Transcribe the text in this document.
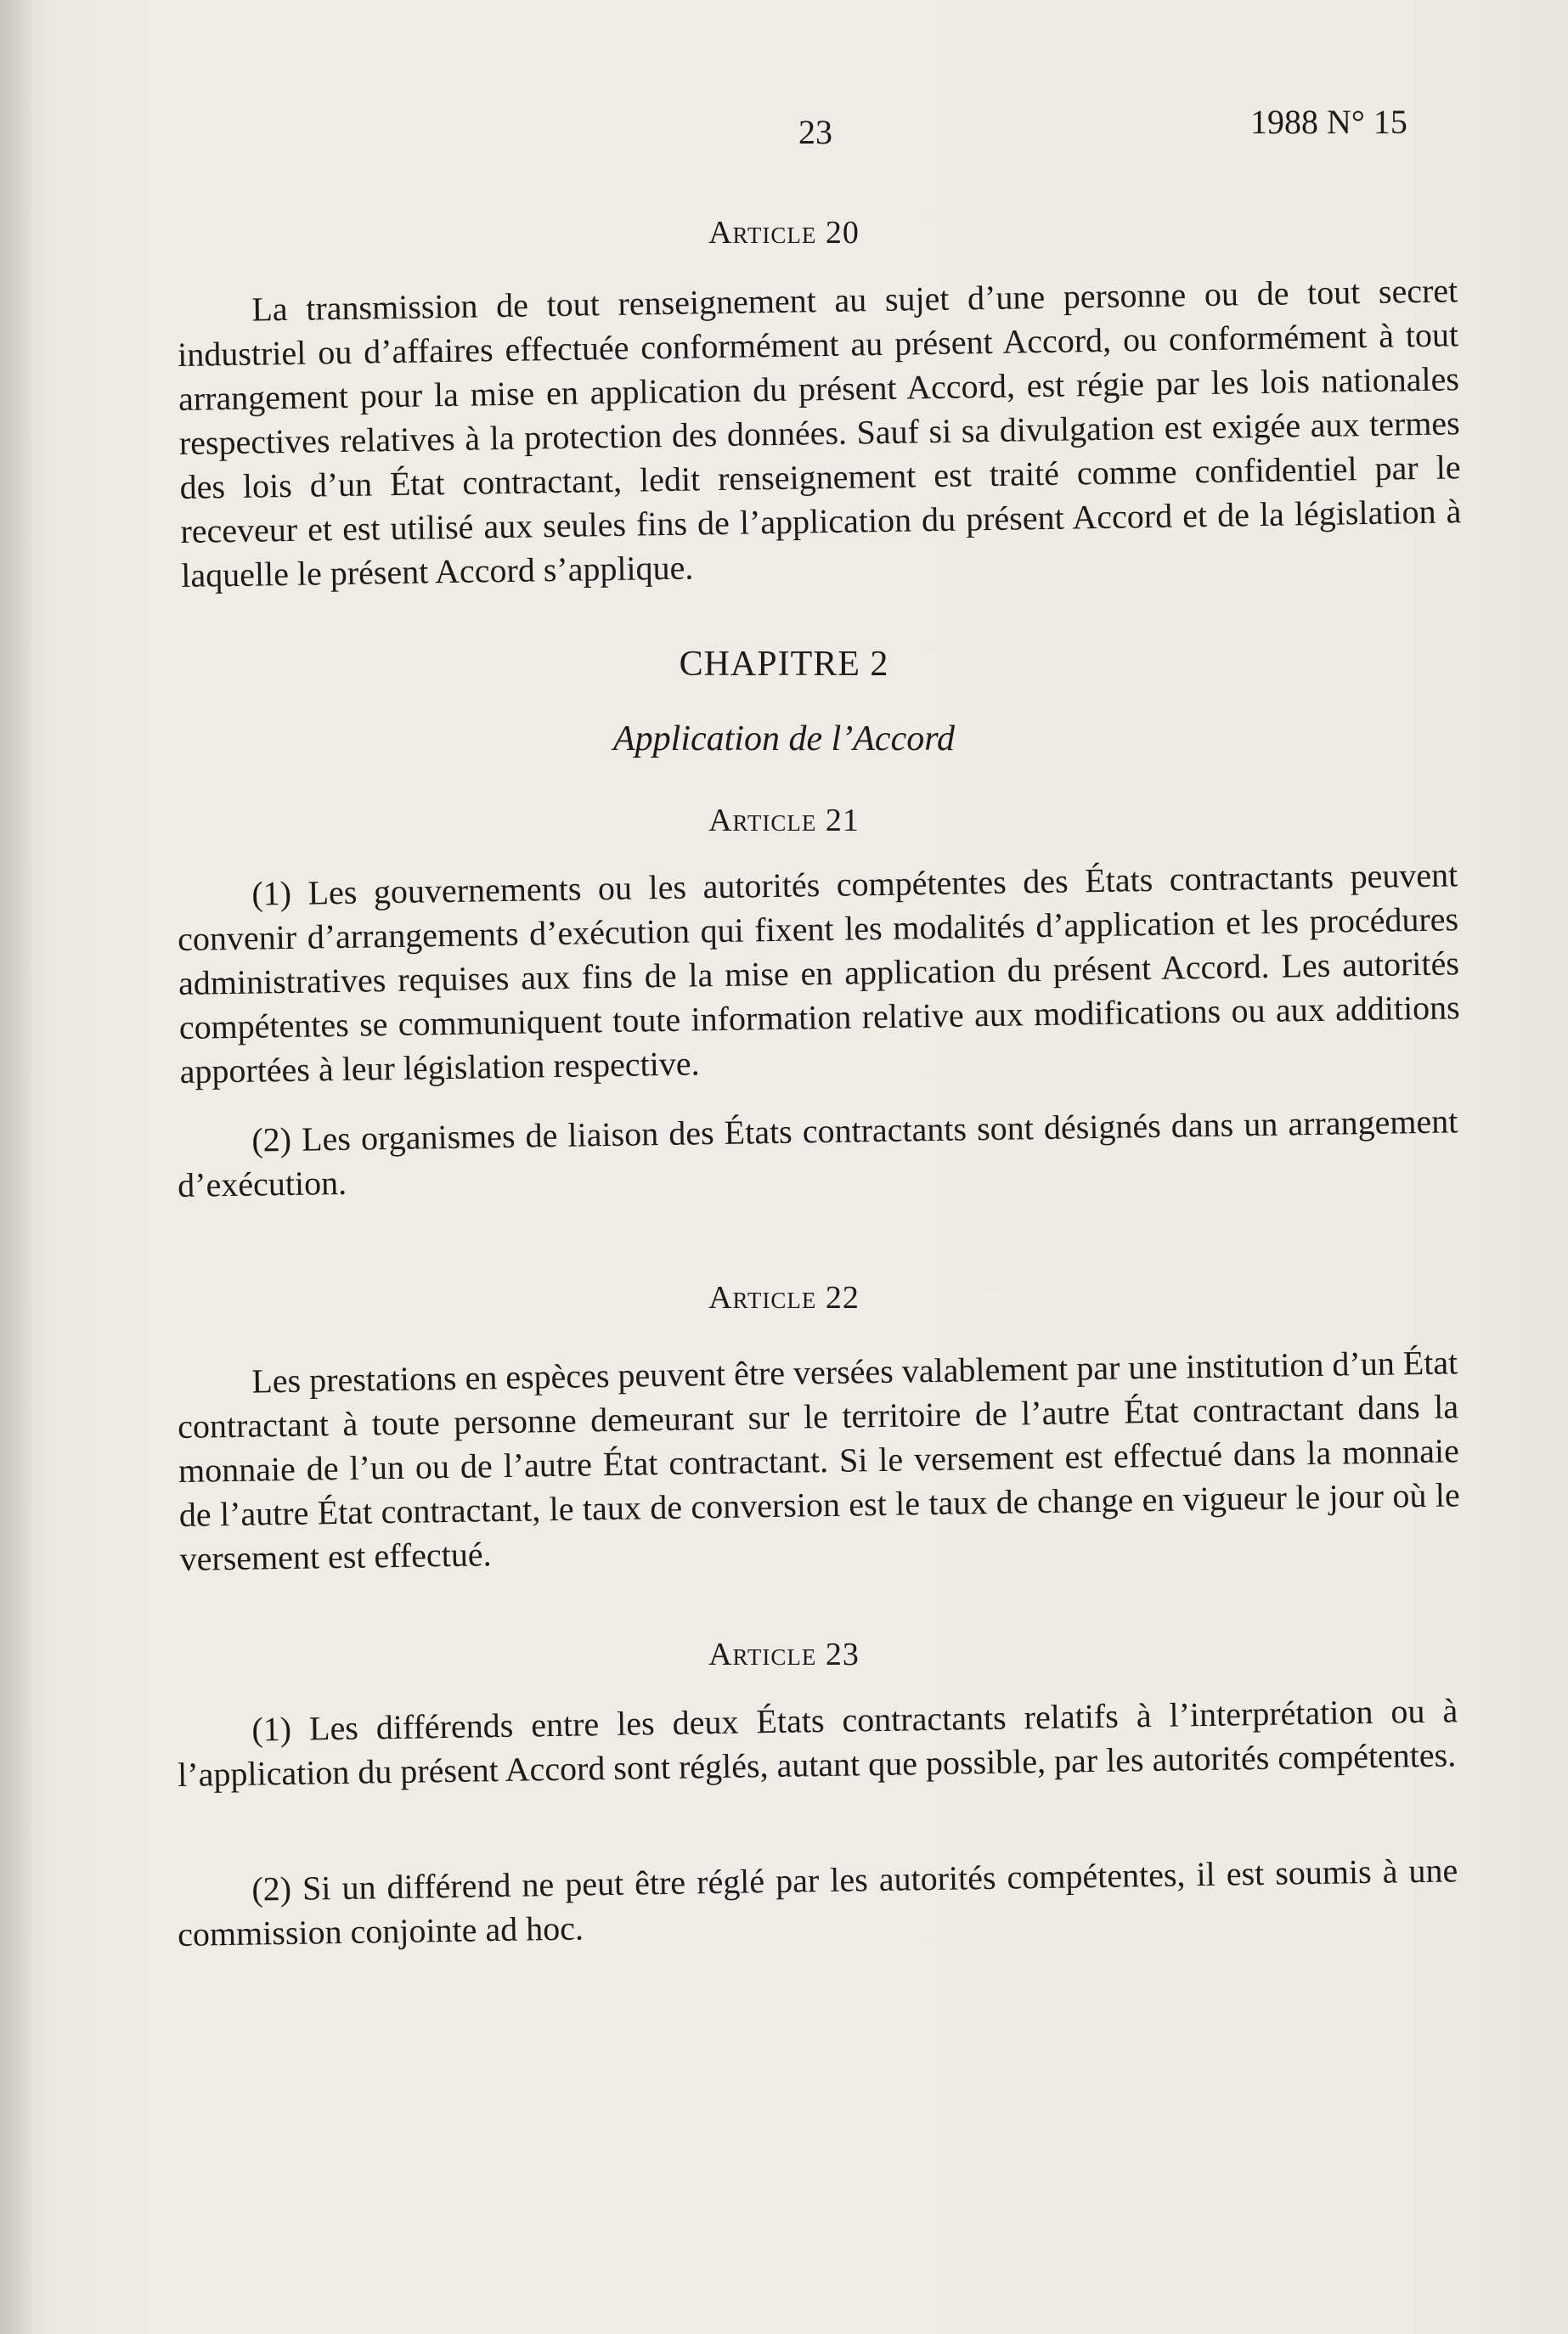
23	1988 N° 15
Article 20
La transmission de tout renseignement au sujet d’une personne ou de tout secret industriel ou d’affaires effectuée conformément au présent Accord, ou conformément à tout arrangement pour la mise en application du présent Accord, est régie par les lois nationales respectives relatives à la protection des données. Sauf si sa divulgation est exigée aux termes des lois d’un État contractant, ledit renseignement est traité comme confidentiel par le receveur et est utilisé aux seules fins de l’application du présent Accord et de la législation à laquelle le présent Accord s’applique.
CHAPITRE 2
Application de l’Accord
Article 21
(1) Les gouvernements ou les autorités compétentes des États contractants peuvent convenir d’arrangements d’exécution qui fixent les modalités d’application et les procédures administratives requises aux fins de la mise en application du présent Accord. Les autorités compétentes se communiquent toute information relative aux modifications ou aux additions apportées à leur législation respective.
(2) Les organismes de liaison des États contractants sont désignés dans un arrangement d’exécution.
Article 22
Les prestations en espèces peuvent être versées valablement par une institution d’un État contractant à toute personne demeurant sur le territoire de l’autre État contractant dans la monnaie de l’un ou de l’autre État contractant. Si le versement est effectué dans la monnaie de l’autre État contractant, le taux de conversion est le taux de change en vigueur le jour où le versement est effectué.
Article 23
(1) Les différends entre les deux États contractants relatifs à l’interprétation ou à l’application du présent Accord sont réglés, autant que possible, par les autorités compétentes.
(2) Si un différend ne peut être réglé par les autorités compétentes, il est soumis à une commission conjointe ad hoc.
